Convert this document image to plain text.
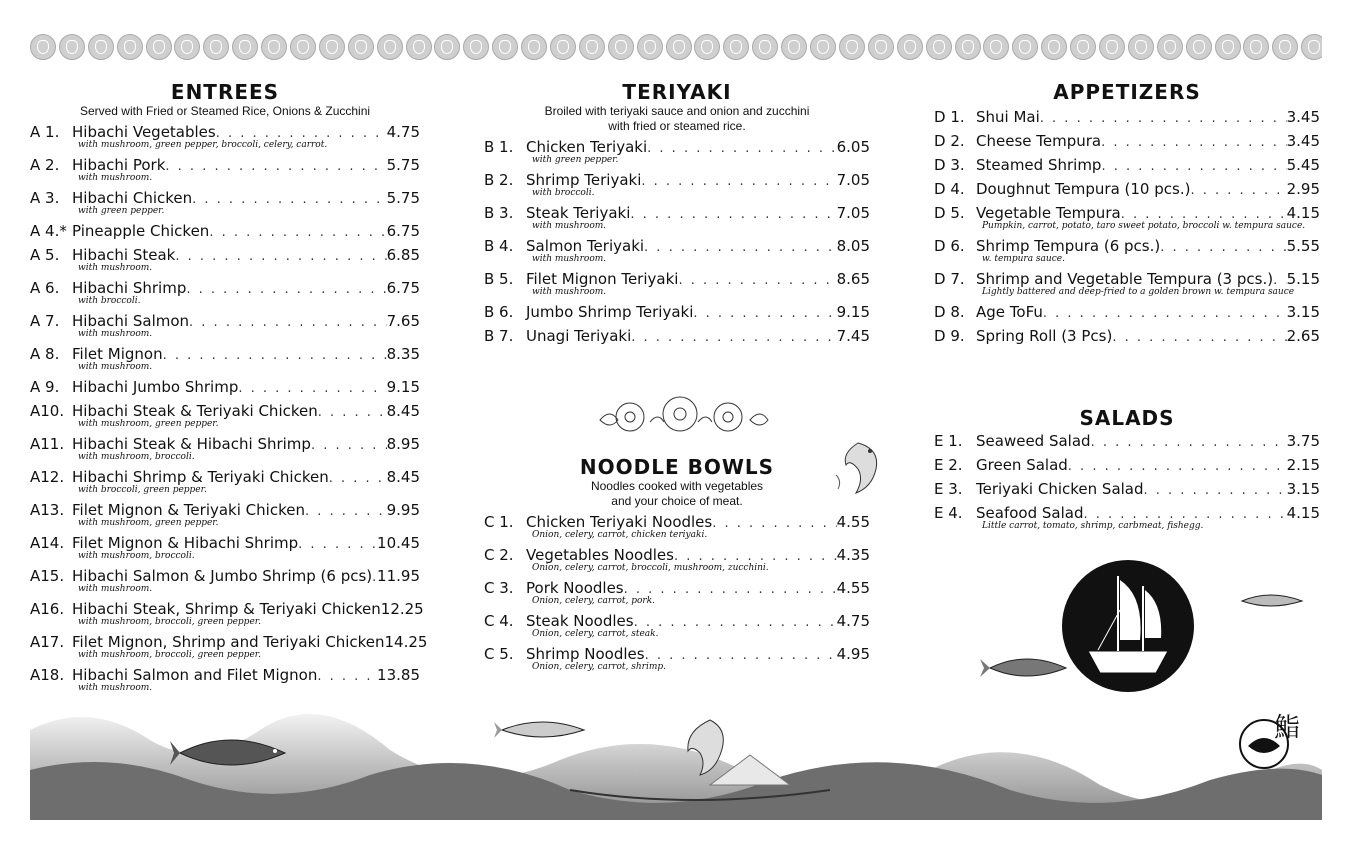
ENTREES
Served with Fried or Steamed Rice, Onions & Zucchini
A 1. Hibachi Vegetables . . .	4.75
with mushroom, green pepper, broccoli, celery, carrot.
A 2. Hibachi Pork . . .	5.75
with mushroom.
A 3. Hibachi Chicken . . .	5.75
with green pepper.
A 4.* Pineapple Chicken . . .	6.75
A 5. Hibachi Steak . . .	6.85
with mushroom.
A 6. Hibachi Shrimp . . .	6.75
with broccoli.
A 7. Hibachi Salmon . . .	7.65
with mushroom.
A 8. Filet Mignon . . .	8.35
with mushroom.
A 9. Hibachi Jumbo Shrimp . . .	9.15
A10. Hibachi Steak & Teriyaki Chicken . . .	8.45
with mushroom, green pepper.
A11. Hibachi Steak & Hibachi Shrimp . . .	8.95
with mushroom, broccoli.
A12. Hibachi Shrimp & Teriyaki Chicken . . .	8.45
with broccoli, green pepper.
A13. Filet Mignon & Teriyaki Chicken . . .	9.95
with mushroom, green pepper.
A14. Filet Mignon & Hibachi Shrimp . . .	10.45
with mushroom, broccoli.
A15. Hibachi Salmon & Jumbo Shrimp (6 pcs) . . . 11.95
with mushroom.
A16. Hibachi Steak, Shrimp & Teriyaki Chicken 12.25
with mushroom, broccoli, green pepper.
A17. Filet Mignon, Shrimp and Teriyaki Chicken 14.25
with mushroom, broccoli, green pepper.
A18. Hibachi Salmon and Filet Mignon . . .	13.85
with mushroom.
TERIYAKI
Broiled with teriyaki sauce and onion and zucchini
with fried or steamed rice.
B 1. Chicken Teriyaki . . .	6.05
with green pepper.
B 2. Shrimp Teriyaki . . .	7.05
with broccoli.
B 3. Steak Teriyaki . . .	7.05
with mushroom.
B 4. Salmon Teriyaki . . .	8.05
with mushroom.
B 5. Filet Mignon Teriyaki . . .	8.65
with mushroom.
B 6. Jumbo Shrimp Teriyaki . . .	9.15
B 7. Unagi Teriyaki . . .	7.45
NOODLE BOWLS
Noodles cooked with vegetables
and your choice of meat.
C 1. Chicken Teriyaki Noodles . . .	4.55
Onion, celery, carrot, chicken teriyaki.
C 2. Vegetables Noodles . . .	4.35
Onion, celery, carrot, broccoli, mushroom, zucchini.
C 3. Pork Noodles . . .	4.55
Onion, celery, carrot, pork.
C 4. Steak Noodles . . .	4.75
Onion, celery, carrot, steak.
C 5. Shrimp Noodles . . .	4.95
Onion, celery, carrot, shrimp.
APPETIZERS
D 1. Shui Mai . . .	3.45
D 2. Cheese Tempura . . .	3.45
D 3. Steamed Shrimp . . .	5.45
D 4. Doughnut Tempura (10 pcs.) . . .	2.95
D 5. Vegetable Tempura . . .	4.15
Pumpkin, carrot, potato, taro sweet potato, broccoli w. tempura sauce.
D 6. Shrimp Tempura (6 pcs.) . . .	5.55
w. tempura sauce.
D 7. Shrimp and Vegetable Tempura (3 pcs.) . . . 5.15
Lightly battered and deep-fried to a golden brown w. tempura sauce
D 8. Age ToFu . . .	3.15
D 9. Spring Roll (3 Pcs) . . .	2.65
SALADS
E 1. Seaweed Salad . . .	3.75
E 2. Green Salad . . .	2.15
E 3. Teriyaki Chicken Salad . . .	3.15
E 4. Seafood Salad . . .	4.15
Little carrot, tomato, shrimp, carbmeat, fishegg.
鮨
